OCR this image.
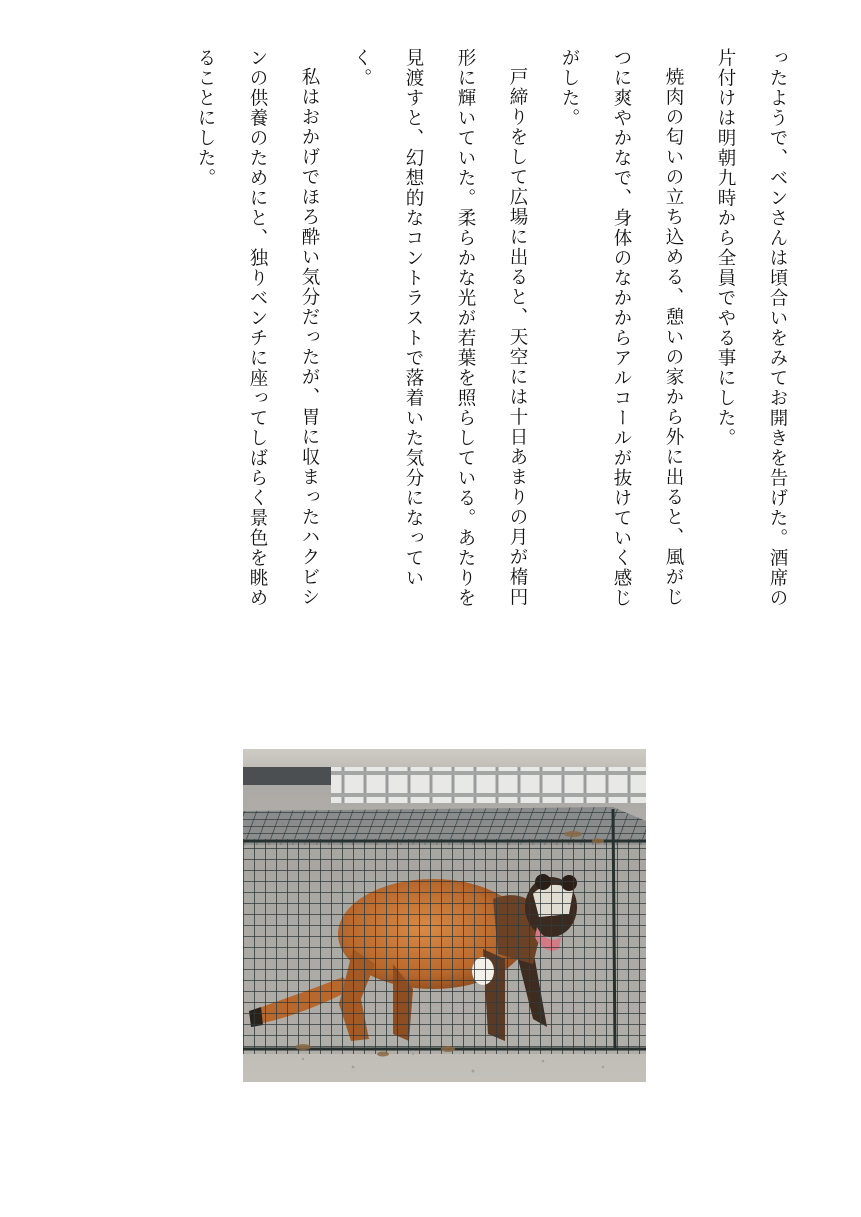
ったようで、ベンさんは頃合いをみてお開きを告げた。酒席の片付けは明朝九時から全員でやる事にした。

焼肉の匂いの立ち込める、憩いの家から外に出ると、風がじつに爽やかなで、身体のなかからアルコールが抜けていく感じがした。

戸締りをして広場に出ると、天空には十日あまりの月が楕円形に輝いていた。柔らかな光が若葉を照らしている。あたりを見渡すと、幻想的なコントラストで落着いた気分になっていく。

私はおかげでほろ酔い気分だったが、胃に収まったハクビシンの供養のためにと、独りベンチに座ってしばらく景色を眺めることにした。
